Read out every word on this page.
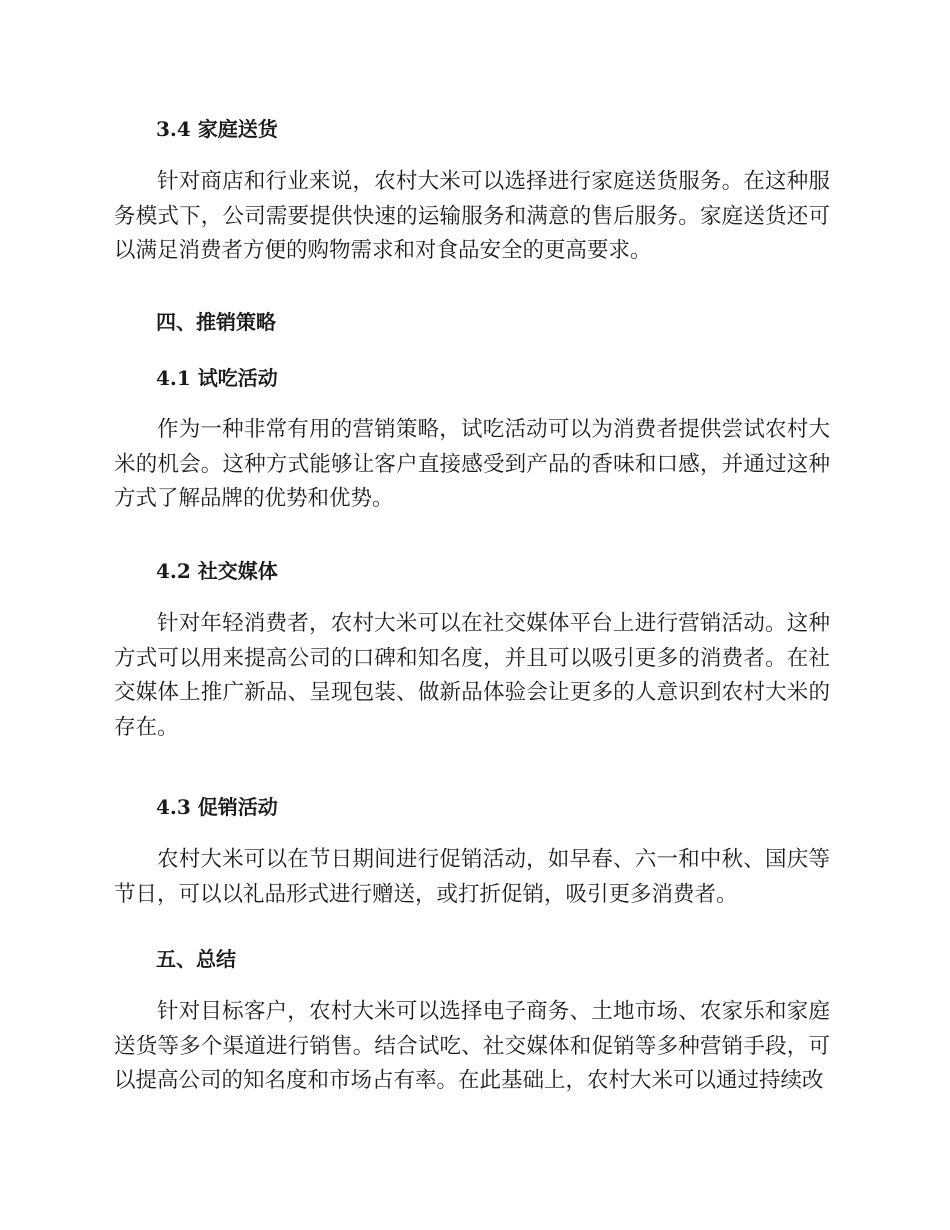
3.4 家庭送货
针对商店和行业来说，农村大米可以选择进行家庭送货服务。在这种服务模式下，公司需要提供快速的运输服务和满意的售后服务。家庭送货还可以满足消费者方便的购物需求和对食品安全的更高要求。
四、推销策略
4.1 试吃活动
作为一种非常有用的营销策略，试吃活动可以为消费者提供尝试农村大米的机会。这种方式能够让客户直接感受到产品的香味和口感，并通过这种方式了解品牌的优势和优势。
4.2 社交媒体
针对年轻消费者，农村大米可以在社交媒体平台上进行营销活动。这种方式可以用来提高公司的口碑和知名度，并且可以吸引更多的消费者。在社交媒体上推广新品、呈现包装、做新品体验会让更多的人意识到农村大米的存在。
4.3 促销活动
农村大米可以在节日期间进行促销活动，如早春、六一和中秋、国庆等节日，可以以礼品形式进行赠送，或打折促销，吸引更多消费者。
五、总结
针对目标客户，农村大米可以选择电子商务、土地市场、农家乐和家庭送货等多个渠道进行销售。结合试吃、社交媒体和促销等多种营销手段，可以提高公司的知名度和市场占有率。在此基础上，农村大米可以通过持续改
